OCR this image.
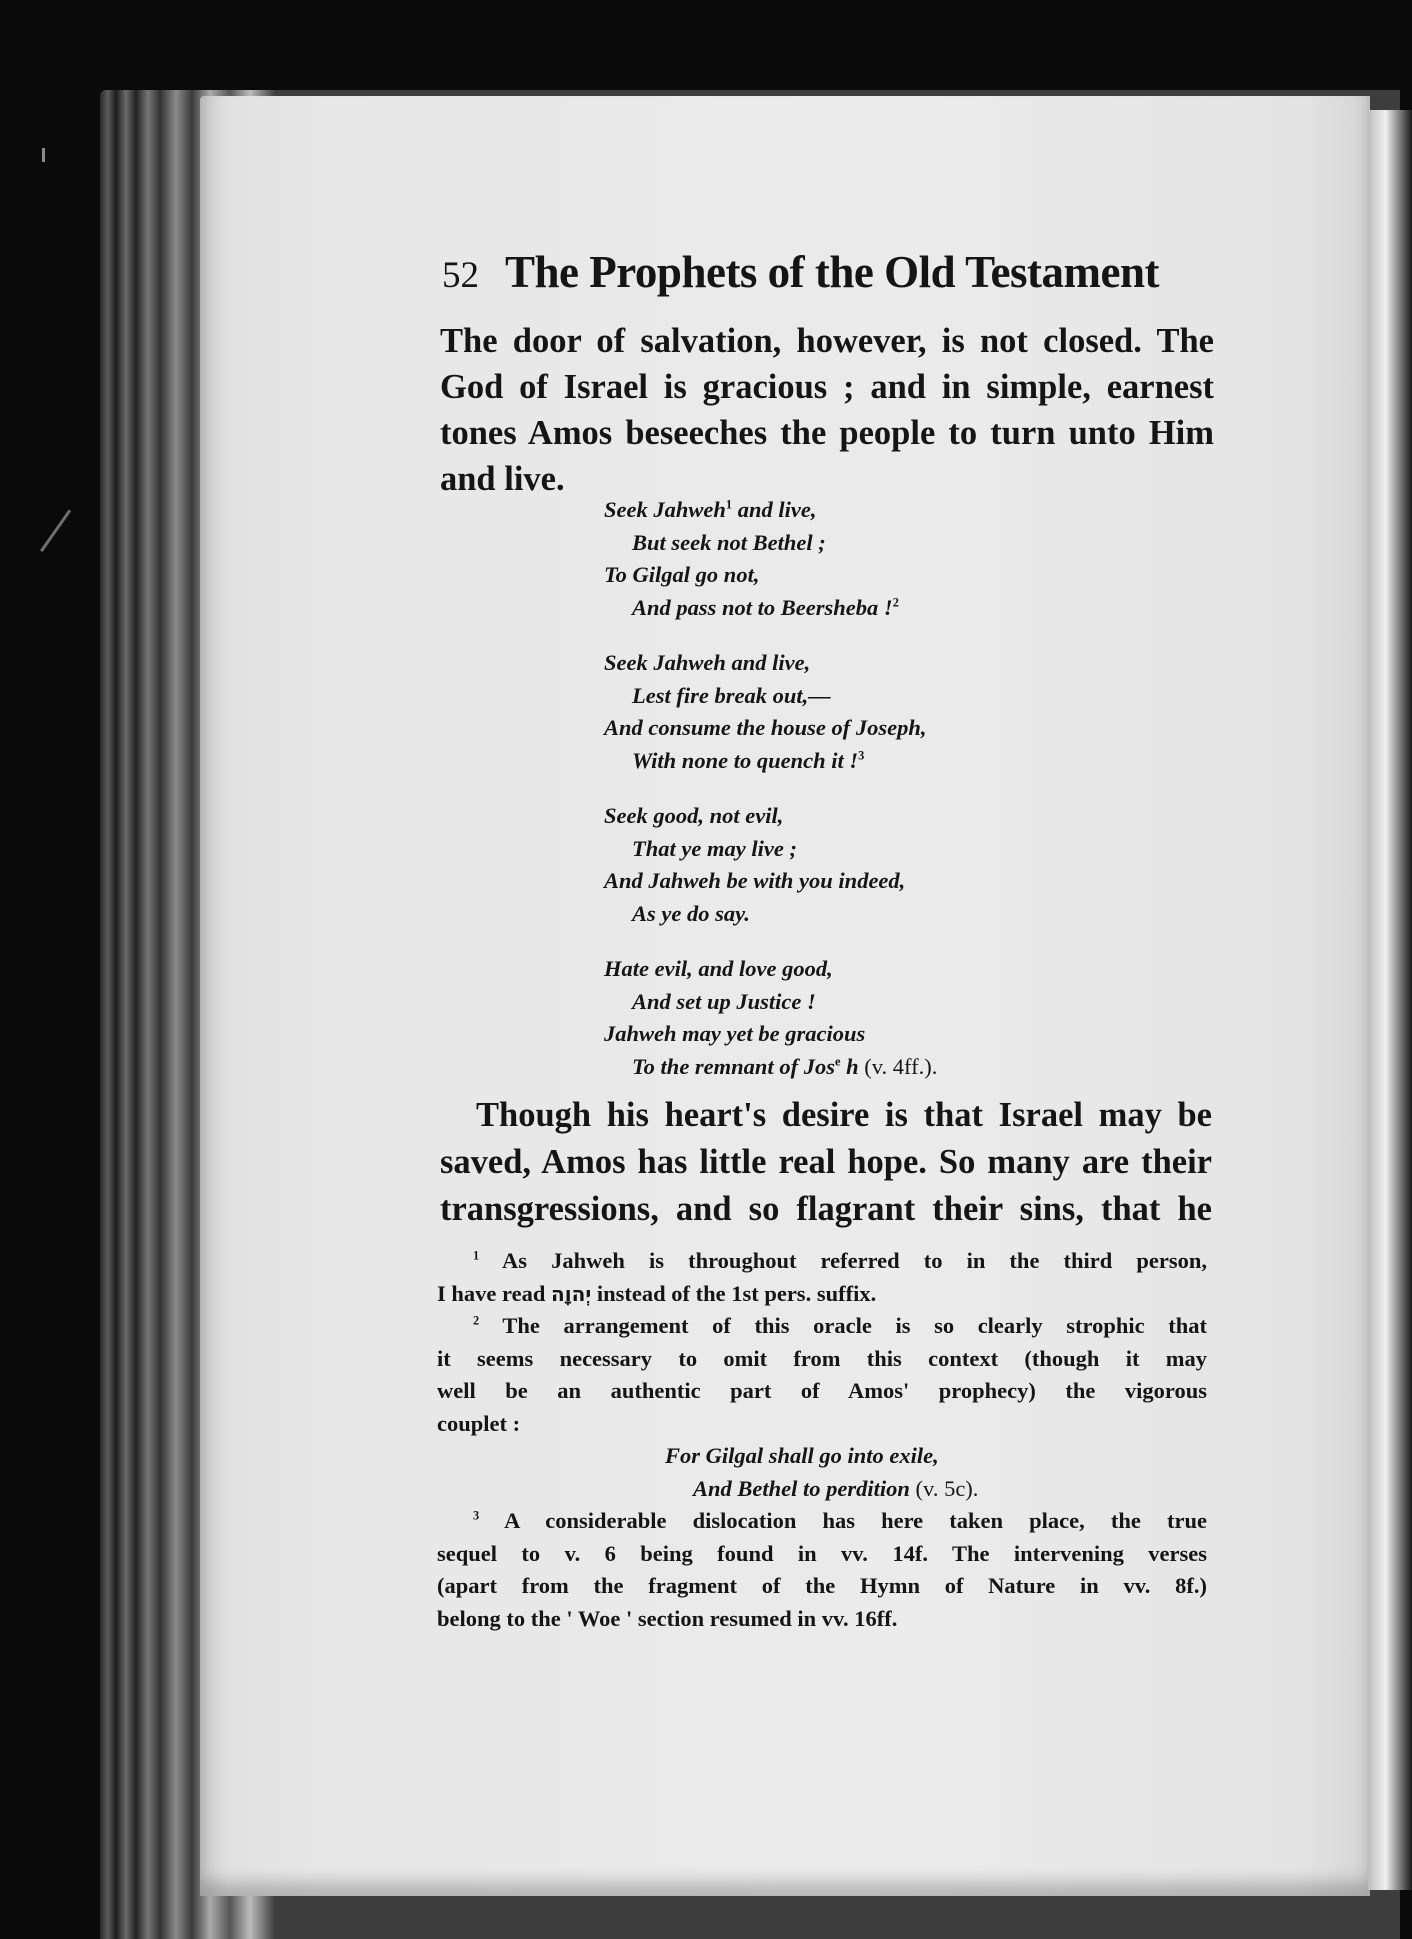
52 The Prophets of the Old Testament
The door of salvation, however, is not closed. The
God of Israel is gracious ; and in simple, earnest
tones Amos beseeches the people to turn unto Him
and live.
Seek Jahweh$^1$ and live,
But seek not Bethel ;
To Gilgal go not,
And pass not to Beersheba !$^2$
Seek Jahweh and live,
Lest fire break out,—
And consume the house of Joseph,
With none to quench it !$^3$
Seek good, not evil,
That ye may live ;
And Jahweh be with you indeed,
As ye do say.
Hate evil, and love good,
And set up Justice !
Jahweh may yet be gracious
To the remnant of Jos$^e$ h (v. 4ff.).
Though his heart's desire is that Israel may be
saved, Amos has little real hope. So many are their
transgressions, and so flagrant their sins, that he
$^1$ As Jahweh is throughout referred to in the third person,
I have read יְהוָה instead of the 1st pers. suffix.
$^2$ The arrangement of this oracle is so clearly strophic that
it seems necessary to omit from this context (though it may
well be an authentic part of Amos' prophecy) the vigorous
couplet :
For Gilgal shall go into exile,
And Bethel to perdition (v. 5c).
$^3$ A considerable dislocation has here taken place, the true
sequel to v. 6 being found in vv. 14f. The intervening verses
(apart from the fragment of the Hymn of Nature in vv. 8f.)
belong to the ' Woe ' section resumed in vv. 16ff.
